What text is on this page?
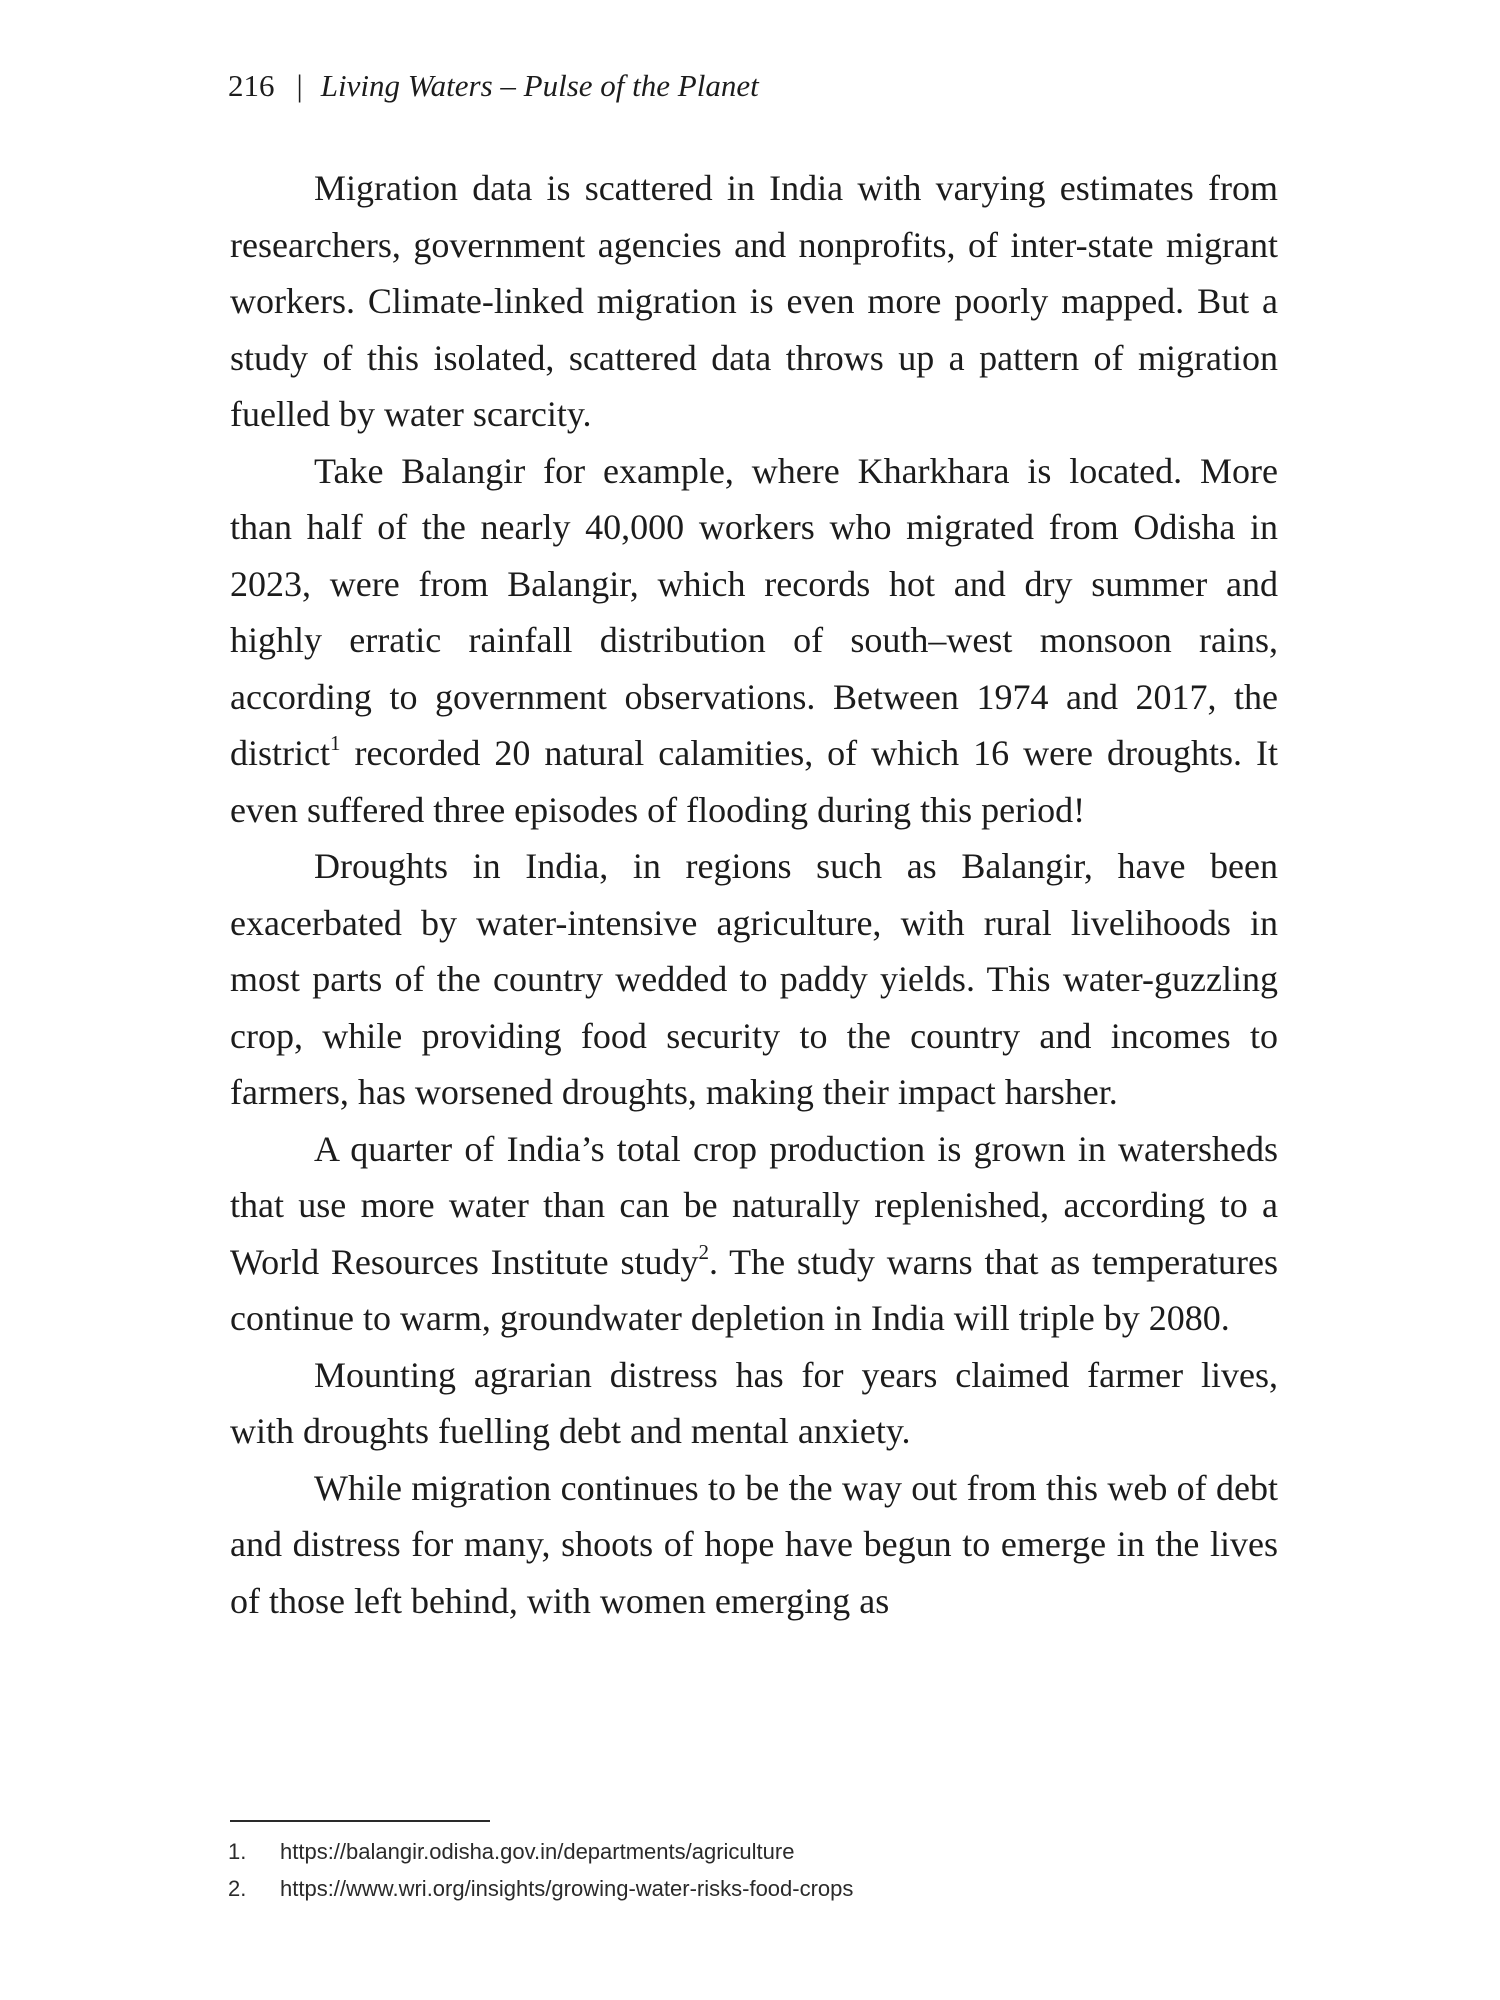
216 | Living Waters – Pulse of the Planet

Migration data is scattered in India with varying estimates from researchers, government agencies and nonprofits, of inter-state migrant workers. Climate-linked migration is even more poorly mapped. But a study of this isolated, scattered data throws up a pattern of migration fuelled by water scarcity.

Take Balangir for example, where Kharkhara is located. More than half of the nearly 40,000 workers who migrated from Odisha in 2023, were from Balangir, which records hot and dry summer and highly erratic rainfall distribution of south–west monsoon rains, according to government observations. Between 1974 and 2017, the district$^1$ recorded 20 natural calamities, of which 16 were droughts. It even suffered three episodes of flooding during this period!

Droughts in India, in regions such as Balangir, have been exacerbated by water-intensive agriculture, with rural livelihoods in most parts of the country wedded to paddy yields. This water-guzzling crop, while providing food security to the country and incomes to farmers, has worsened droughts, making their impact harsher.

A quarter of India’s total crop production is grown in watersheds that use more water than can be naturally replenished, according to a World Resources Institute study$^2$. The study warns that as temperatures continue to warm, groundwater depletion in India will triple by 2080.

Mounting agrarian distress has for years claimed farmer lives, with droughts fuelling debt and mental anxiety.

While migration continues to be the way out from this web of debt and distress for many, shoots of hope have begun to emerge in the lives of those left behind, with women emerging as

1. https://balangir.odisha.gov.in/departments/agriculture
2. https://www.wri.org/insights/growing-water-risks-food-crops
